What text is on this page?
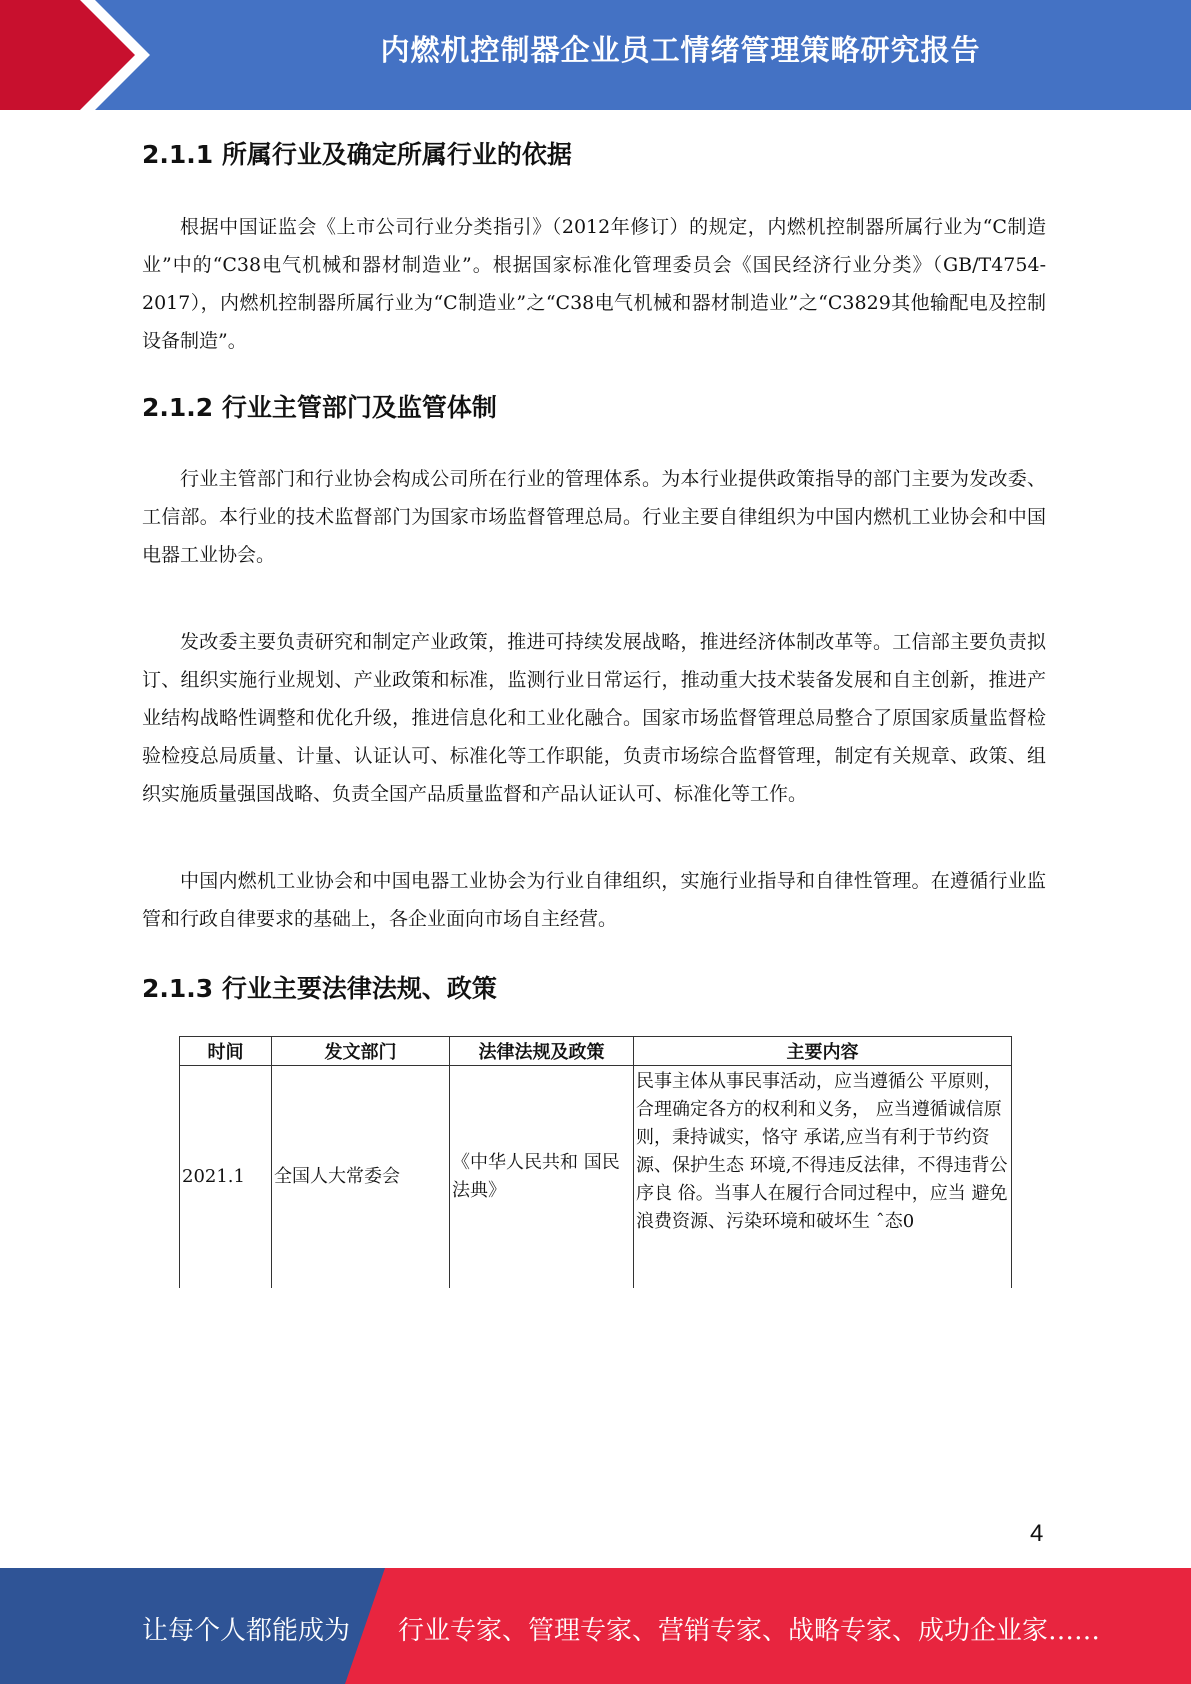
内燃机控制器企业员工情绪管理策略研究报告
2.1.1 所属行业及确定所属行业的依据

根据中国证监会《上市公司行业分类指引》（2012年修订）的规定，内燃机控制器所属行业为“C制造业”中的“C38电气机械和器材制造业”。根据国家标准化管理委员会《国民经济行业分类》（GB/T4754-2017），内燃机控制器所属行业为“C制造业”之“C38电气机械和器材制造业”之“C3829其他输配电及控制设备制造”。

2.1.2 行业主管部门及监管体制

行业主管部门和行业协会构成公司所在行业的管理体系。为本行业提供政策指导的部门主要为发改委、工信部。本行业的技术监督部门为国家市场监督管理总局。行业主要自律组织为中国内燃机工业协会和中国电器工业协会。

发改委主要负责研究和制定产业政策，推进可持续发展战略，推进经济体制改革等。工信部主要负责拟订、组织实施行业规划、产业政策和标准，监测行业日常运行，推动重大技术装备发展和自主创新，推进产业结构战略性调整和优化升级，推进信息化和工业化融合。国家市场监督管理总局整合了原国家质量监督检验检疫总局质量、计量、认证认可、标准化等工作职能，负责市场综合监督管理，制定有关规章、政策、组织实施质量强国战略、负责全国产品质量监督和产品认证认可、标准化等工作。

中国内燃机工业协会和中国电器工业协会为行业自律组织，实施行业指导和自律性管理。在遵循行业监管和行政自律要求的基础上，各企业面向市场自主经营。

2.1.3 行业主要法律法规、政策
时间	发文部门	法律法规及政策	主要内容
2021.1	全国人大常委会	《中华人民共和 国民法典》	民事主体从事民事活动，应当遵循公 平原则，合理确定各方的权利和义务， 应当遵循诚信原则，秉持诚实，恪守 承诺,应当有利于节约资源、保护生态 环境,不得违反法律，不得违背公序良 俗。当事人在履行合同过程中，应当 避免浪费资源、污染环境和破坏生 ˆ态0
4
让每个人都能成为 行业专家、管理专家、营销专家、战略专家、成功企业家……
